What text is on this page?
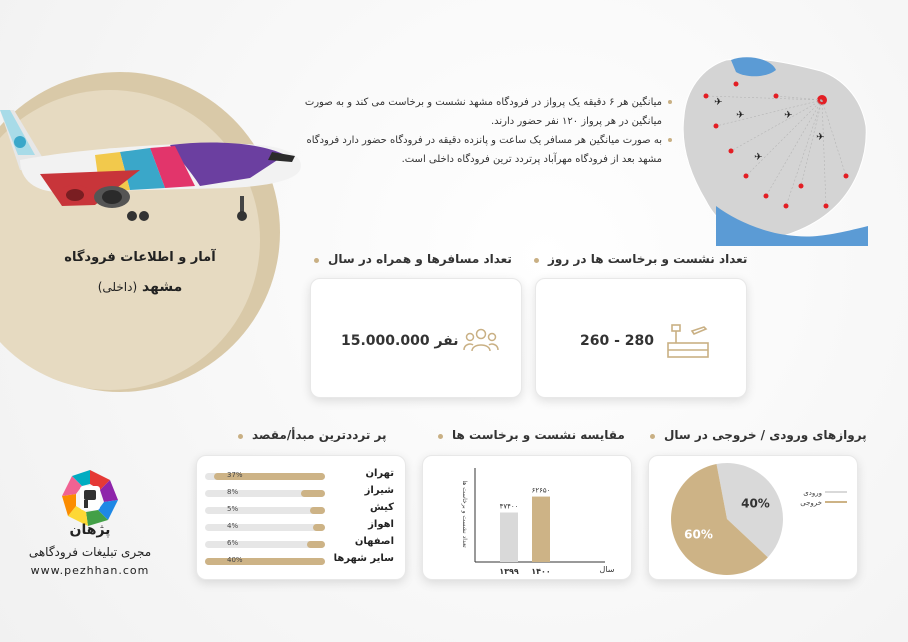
آمار و اطلاعات فرودگاه
مشهد (داخلی)
میانگین هر ۶ دقیقه یک پرواز در فرودگاه مشهد نشست و برخاست می کند و به صورت میانگین در هر پرواز ۱۲۰ نفر حضور دارند.
به صورت میانگین هر مسافر یک ساعت و پانزده دقیقه در فرودگاه حضور دارد فرودگاه مشهد بعد از فرودگاه مهرآباد پرتردد ترین فرودگاه داخلی است.
✈
✈	✈
✈
✈
تعداد نشست و برخاست ها در روز
تعداد مسافرها و همراه در سال
260 - 280
15.000.000 نفر
پروازهای ورودی / خروجی در سال
مقایسه نشست و برخاست ها
پر ترددترین مبدأ/مقصد
40%
60%
ورودی
خروجی
تعداد نشست و برخاست ها
سال
۱۳۹۹ ۱۴۰۰
۴۷۴۰۰
۶۲۶۵۰
37%	تهران
8%	شیراز
5%	کیش
4%	اهواز
6%	اصفهان
40%	سایر شهرها
پژهان
مجری تبلیغات فرودگاهی
www.pezhhan.com
